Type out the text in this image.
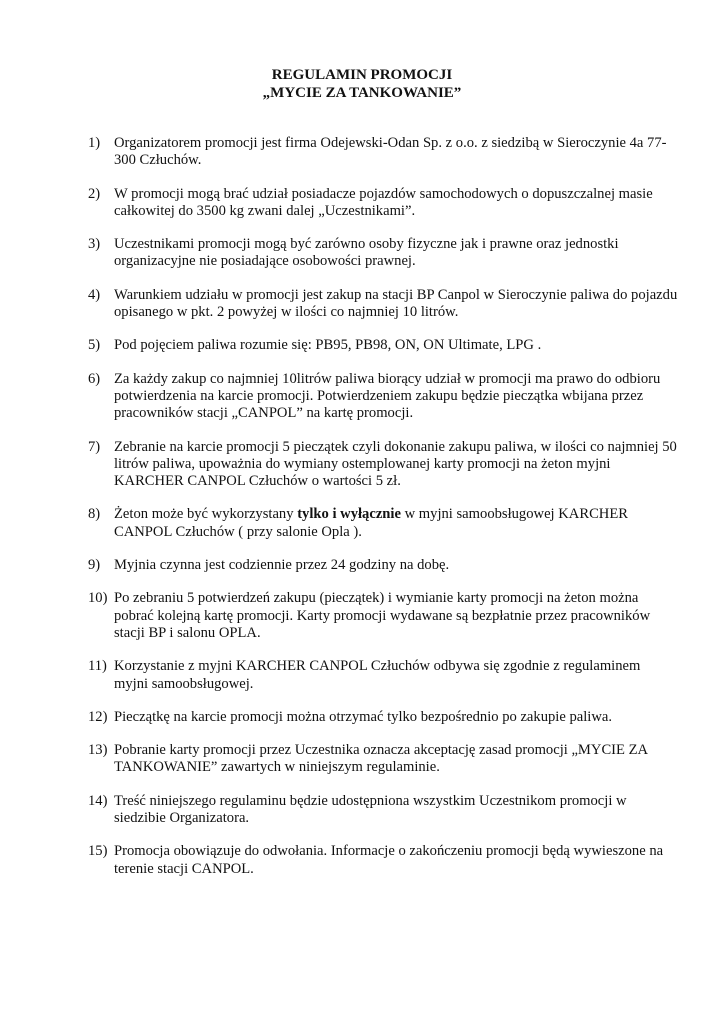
REGULAMIN PROMOCJI
„MYCIE ZA TANKOWANIE”
1) Organizatorem promocji jest firma Odejewski-Odan Sp. z o.o. z siedzibą w Sieroczynie 4a 77-300 Człuchów.
2) W promocji mogą brać udział posiadacze pojazdów samochodowych o dopuszczalnej masie całkowitej do 3500 kg zwani dalej „Uczestnikami”.
3) Uczestnikami promocji mogą być zarówno osoby fizyczne jak i prawne oraz jednostki organizacyjne nie posiadające osobowości prawnej.
4) Warunkiem udziału w promocji jest zakup na stacji BP Canpol w Sieroczynie paliwa do pojazdu opisanego w pkt. 2 powyżej w ilości co najmniej 10 litrów.
5) Pod pojęciem paliwa rozumie się: PB95, PB98, ON, ON Ultimate, LPG .
6) Za każdy zakup co najmniej 10litrów paliwa biorący udział w promocji ma prawo do odbioru potwierdzenia na karcie promocji. Potwierdzeniem zakupu będzie pieczątka wbijana przez pracowników stacji „CANPOL” na kartę promocji.
7) Zebranie na karcie promocji 5 pieczątek czyli dokonanie zakupu paliwa, w ilości co najmniej 50 litrów paliwa, upoważnia do wymiany ostemplowanej karty promocji na żeton myjni KARCHER CANPOL Człuchów o wartości 5 zł.
8) Żeton może być wykorzystany tylko i wyłącznie w myjni samoobsługowej KARCHER CANPOL Człuchów ( przy salonie Opla ).
9) Myjnia czynna jest codziennie przez 24 godziny na dobę.
10) Po zebraniu 5 potwierdzeń zakupu (pieczątek) i wymianie karty promocji na żeton można pobrać kolejną kartę promocji. Karty promocji wydawane są bezpłatnie przez pracowników stacji BP i salonu OPLA.
11) Korzystanie z myjni KARCHER CANPOL Człuchów odbywa się zgodnie z regulaminem myjni samoobsługowej.
12) Pieczątkę na karcie promocji można otrzymać tylko bezpośrednio po zakupie paliwa.
13) Pobranie karty promocji przez Uczestnika oznacza akceptację zasad promocji „MYCIE ZA TANKOWANIE” zawartych w niniejszym regulaminie.
14) Treść niniejszego regulaminu będzie udostępniona wszystkim Uczestnikom promocji w siedzibie Organizatora.
15) Promocja obowiązuje do odwołania. Informacje o zakończeniu promocji będą wywieszone na terenie stacji CANPOL.
